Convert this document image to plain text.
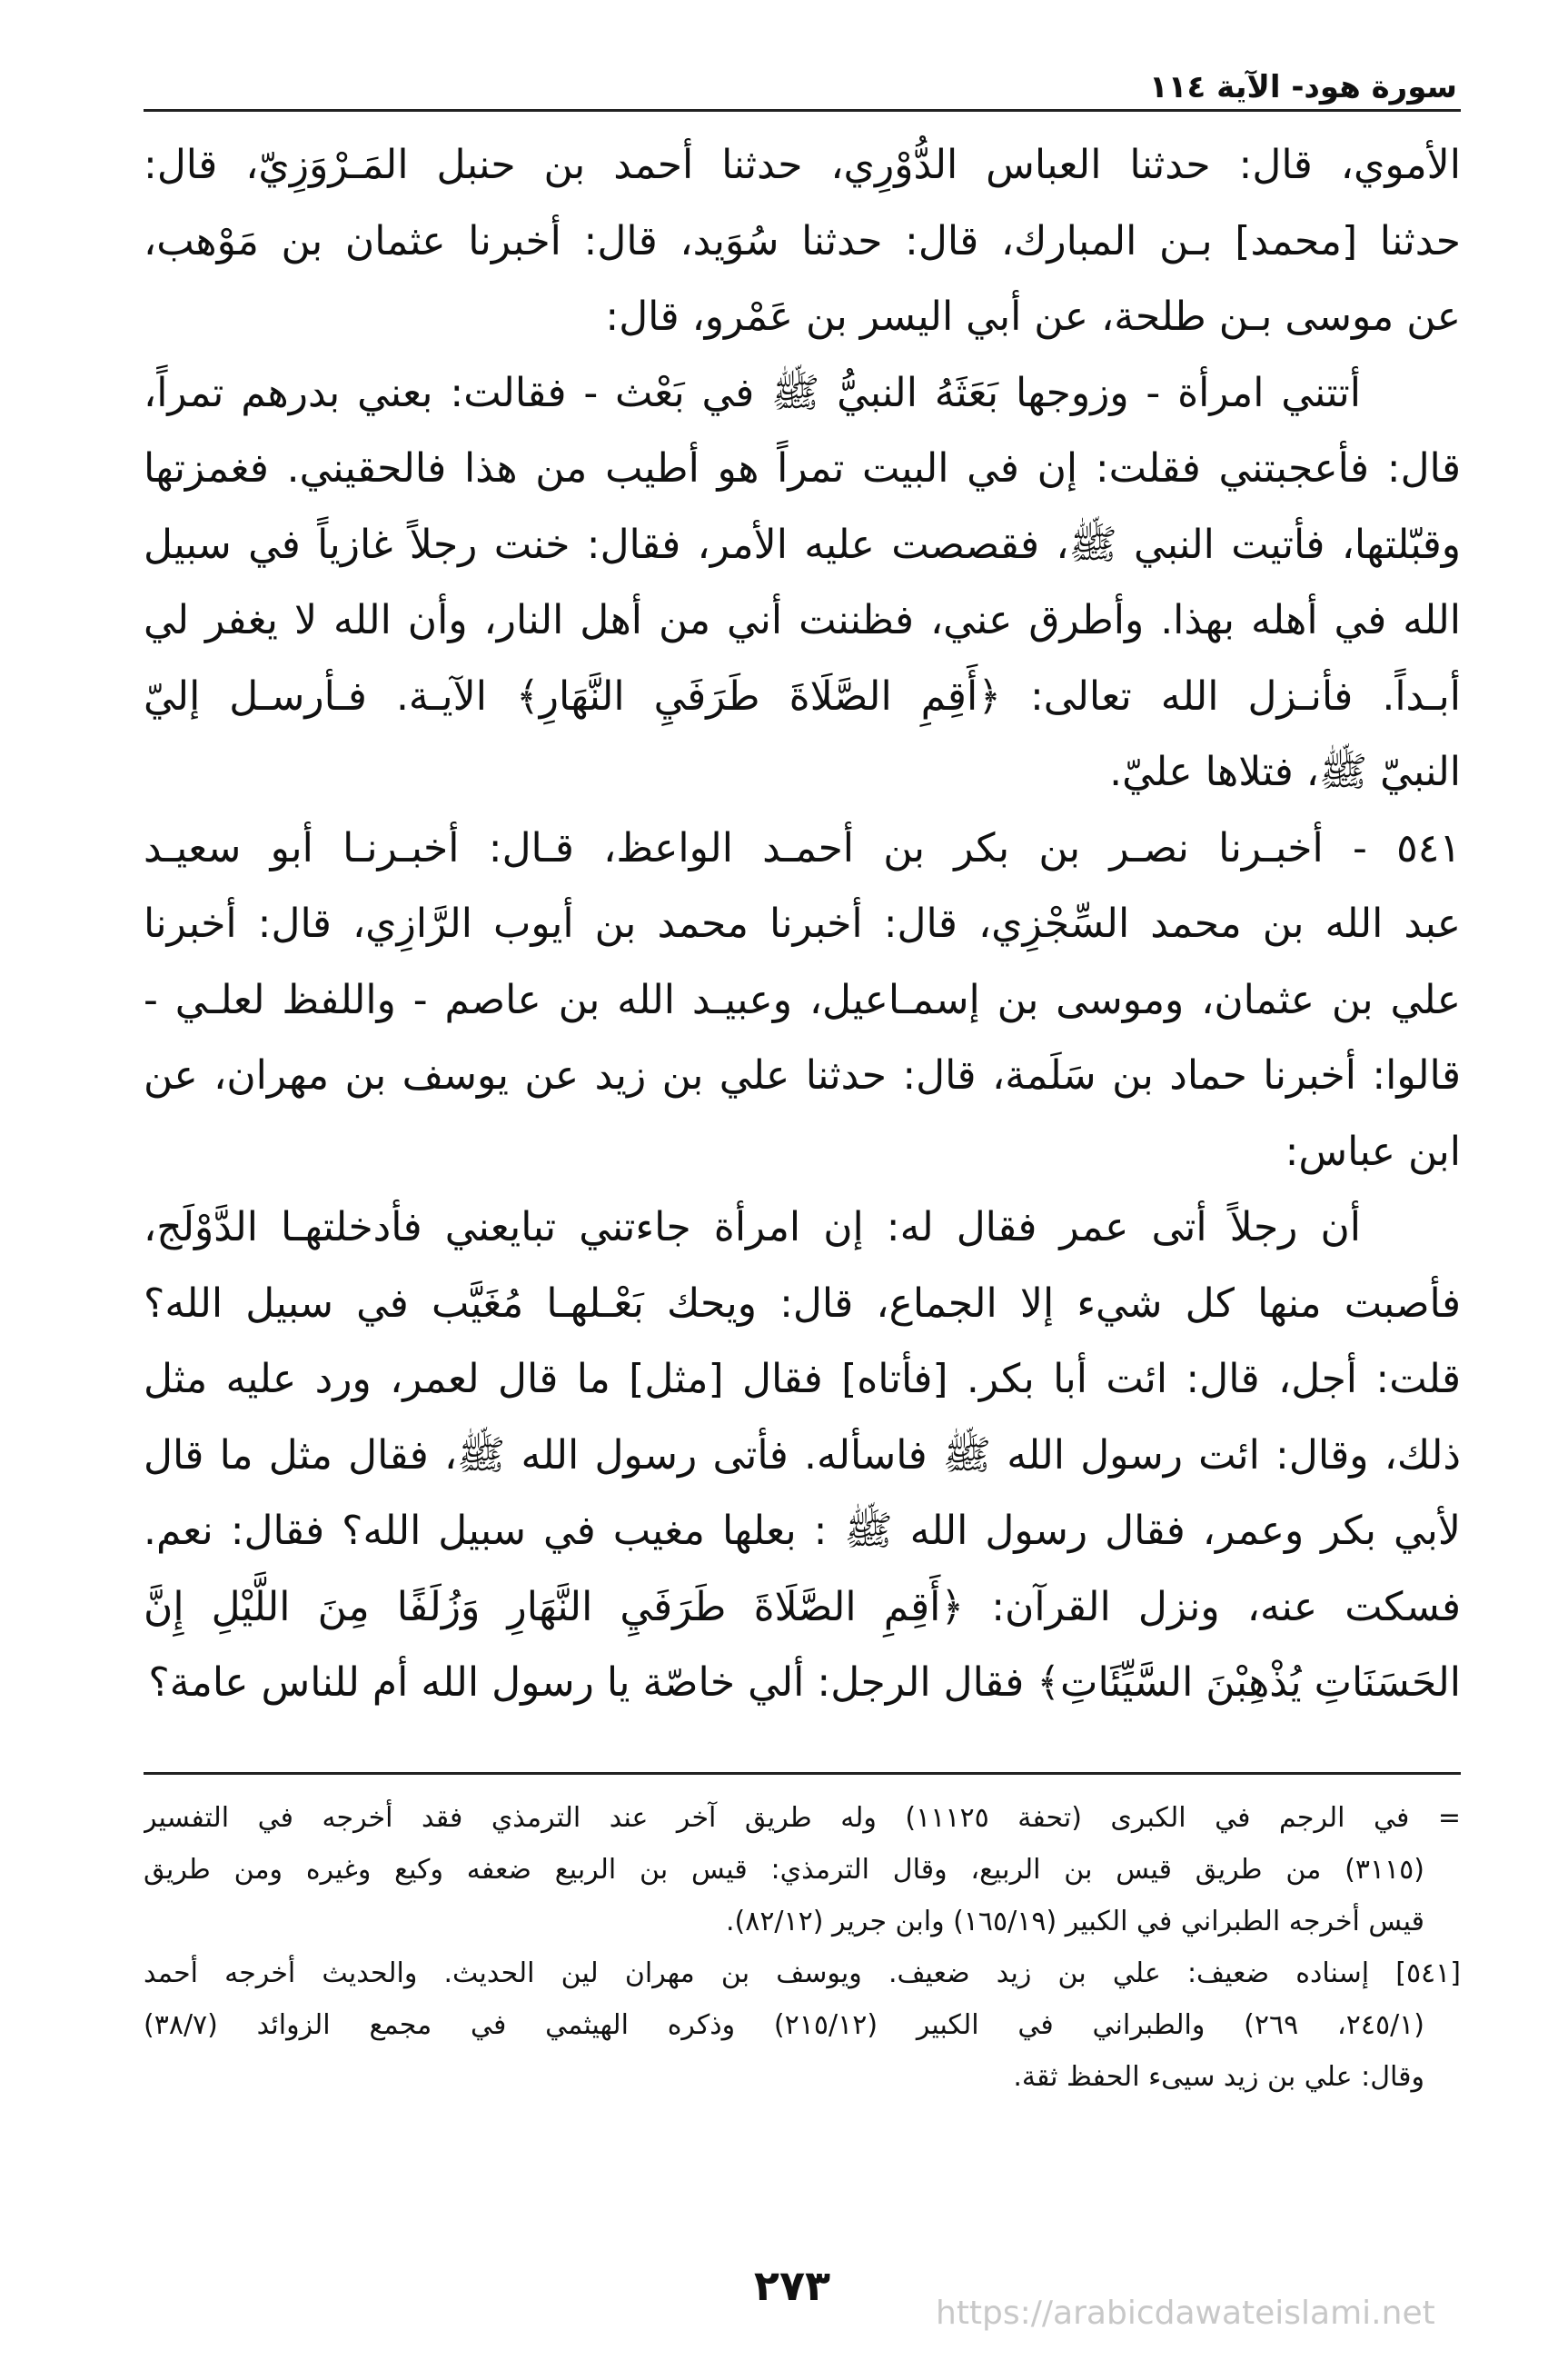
سورة هود- الآية ١١٤
الأموي، قال: حدثنا العباس الدُّوْرِي، حدثنا أحمد بن حنبل المَـرْوَزِيّ، قال:
حدثنا [محمد] بـن المبارك، قال: حدثنا سُوَيد، قال: أخبرنا عثمان بن مَوْهب،
عن موسى بـن طلحة، عن أبي اليسر بن عَمْرو، قال:
أتتني امرأة - وزوجها بَعَثَهُ النبيُّ ﷺ في بَعْث - فقالت: بعني بدرهم تمراً،
قال: فأعجبتني فقلت: إن في البيت تمراً هو أطيب من هذا فالحقيني. فغمزتها
وقبّلتها، فأتيت النبي ﷺ، فقصصت عليه الأمر، فقال: خنت رجلاً غازياً في سبيل
الله في أهله بهذا. وأطرق عني، فظننت أني من أهل النار، وأن الله لا يغفر لي
أبـداً. فأنـزل الله تعالى: ﴿أَقِمِ الصَّلَاةَ طَرَفَيِ النَّهَارِ﴾ الآيـة. فـأرسـل إليّ
النبيّ ﷺ، فتلاها عليّ.
٥٤١ - أخبـرنا نصـر بن بكر بن أحمـد الواعظ، قـال: أخبـرنـا أبو سعيـد
عبد الله بن محمد السِّجْزِي، قال: أخبرنا محمد بن أيوب الرَّازِي، قال: أخبرنا
علي بن عثمان، وموسى بن إسمـاعيل، وعبيـد الله بن عاصم - واللفظ لعلـي -
قالوا: أخبرنا حماد بن سَلَمة، قال: حدثنا علي بن زيد عن يوسف بن مهران، عن
ابن عباس:
أن رجلاً أتى عمر فقال له: إن امرأة جاءتني تبايعني فأدخلتهـا الدَّوْلَج،
فأصبت منها كل شيء إلا الجماع، قال: ويحك بَعْـلهـا مُغَيَّب في سبيل الله؟
قلت: أجل، قال: ائت أبا بكر. [فأتاه] فقال [مثل] ما قال لعمر، ورد عليه مثل
ذلك، وقال: ائت رسول الله ﷺ فاسأله. فأتى رسول الله ﷺ، فقال مثل ما قال
لأبي بكر وعمر، فقال رسول الله ﷺ : بعلها مغيب في سبيل الله؟ فقال: نعم.
فسكت عنه، ونزل القرآن: ﴿أَقِمِ الصَّلَاةَ طَرَفَيِ النَّهَارِ وَزُلَفًا مِنَ اللَّيْلِ إِنَّ
الحَسَنَاتِ يُذْهِبْنَ السَّيِّئَاتِ﴾ فقال الرجل: ألي خاصّة يا رسول الله أم للناس عامة؟
= في الرجم في الكبرى (تحفة ١١١٢٥) وله طريق آخر عند الترمذي فقد أخرجه في التفسير
(٣١١٥) من طريق قيس بن الربيع، وقال الترمذي: قيس بن الربيع ضعفه وكيع وغيره ومن طريق
قيس أخرجه الطبراني في الكبير (١٦٥/١٩) وابن جرير (٨٢/١٢).
[٥٤١] إسناده ضعيف: علي بن زيد ضعيف. ويوسف بن مهران لين الحديث. والحديث أخرجه أحمد
(٢٤٥/١، ٢٦٩) والطبراني في الكبير (٢١٥/١٢) وذكره الهيثمي في مجمع الزوائد (٣٨/٧)
وقال: علي بن زيد سيىء الحفظ ثقة.
٢٧٣
https://arabicdawateislami.net
